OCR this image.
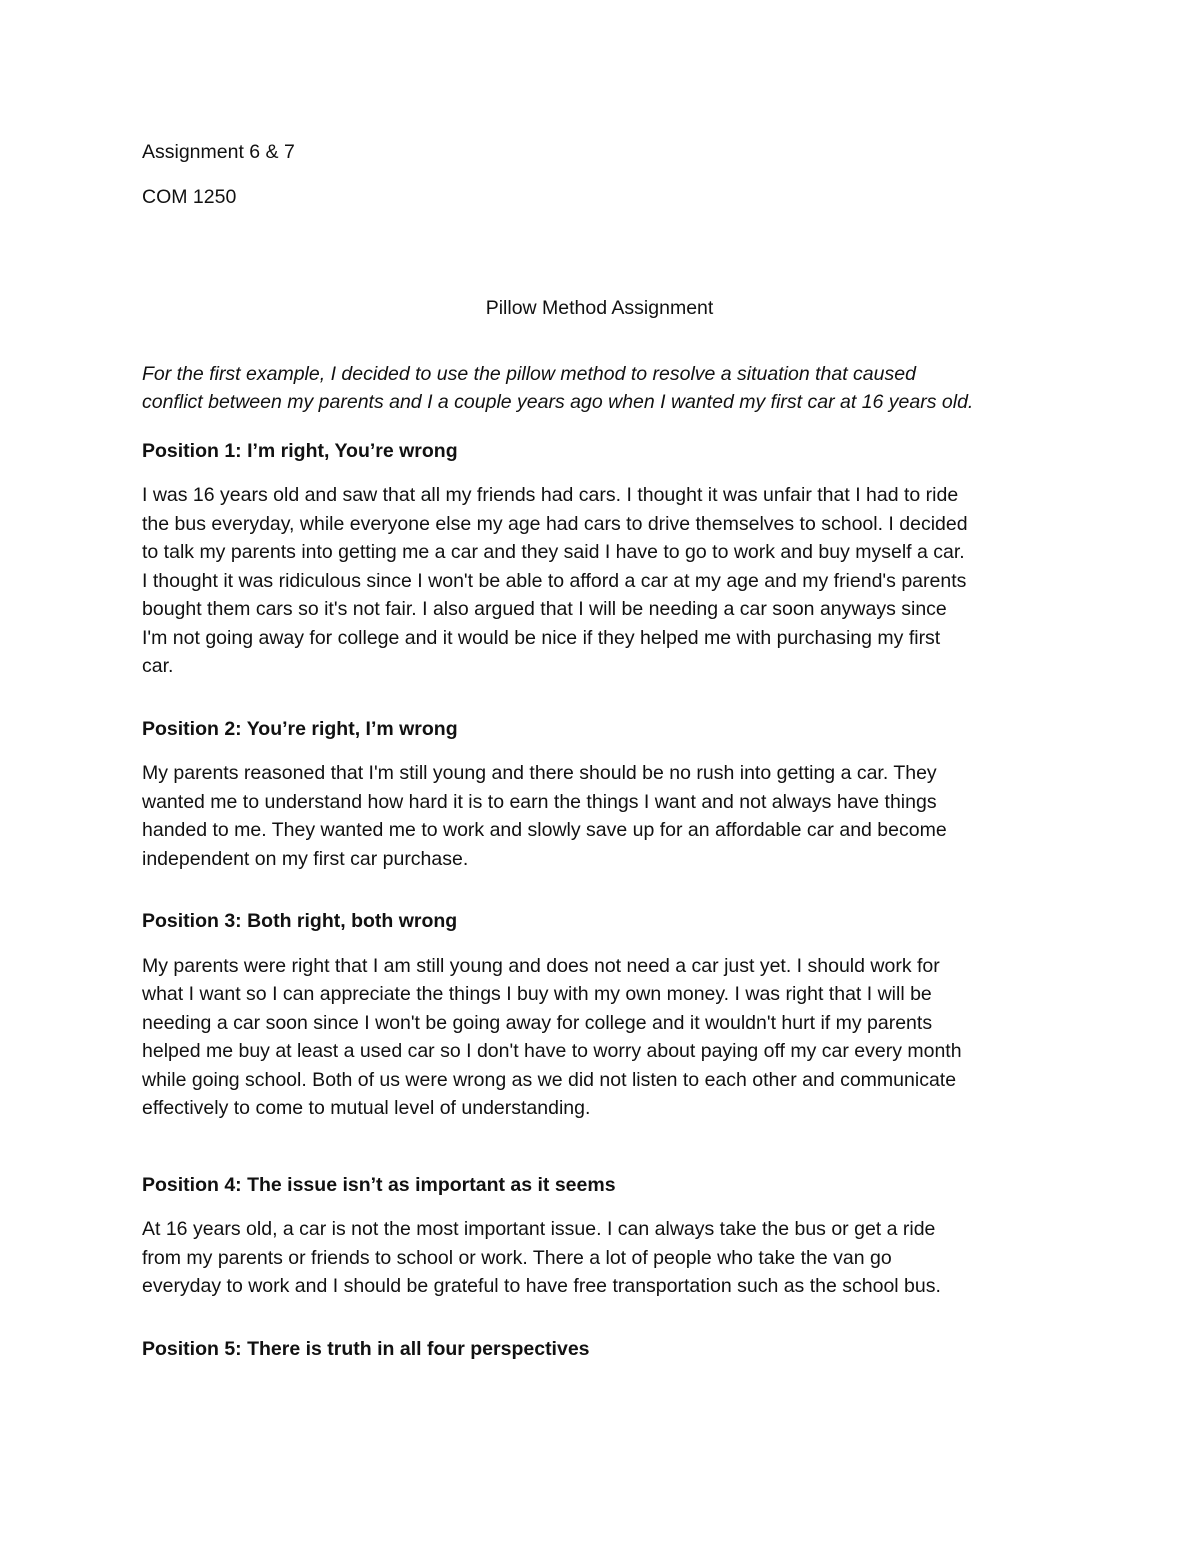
Assignment 6 & 7

COM 1250

Pillow Method Assignment

For the first example, I decided to use the pillow method to resolve a situation that caused

conflict between my parents and I a couple years ago when I wanted my first car at 16 years old.

Position 1: I’m right, You’re wrong

I was 16 years old and saw that all my friends had cars. I thought it was unfair that I had to ride

the bus everyday, while everyone else my age had cars to drive themselves to school. I decided

to talk my parents into getting me a car and they said I have to go to work and buy myself a car.

I thought it was ridiculous since I won't be able to afford a car at my age and my friend's parents

bought them cars so it's not fair. I also argued that I will be needing a car soon anyways since

I'm not going away for college and it would be nice if they helped me with purchasing my first

car.

Position 2: You’re right, I’m wrong

My parents reasoned that I'm still young and there should be no rush into getting a car. They

wanted me to understand how hard it is to earn the things I want and not always have things

handed to me. They wanted me to work and slowly save up for an affordable car and become

independent on my first car purchase.

Position 3: Both right, both wrong

My parents were right that I am still young and does not need a car just yet. I should work for

what I want so I can appreciate the things I buy with my own money. I was right that I will be

needing a car soon since I won't be going away for college and it wouldn't hurt if my parents

helped me buy at least a used car so I don't have to worry about paying off my car every month

while going school. Both of us were wrong as we did not listen to each other and communicate

effectively to come to mutual level of understanding.

Position 4: The issue isn’t as important as it seems

At 16 years old, a car is not the most important issue. I can always take the bus or get a ride

from my parents or friends to school or work. There a lot of people who take the van go

everyday to work and I should be grateful to have free transportation such as the school bus.

Position 5: There is truth in all four perspectives
